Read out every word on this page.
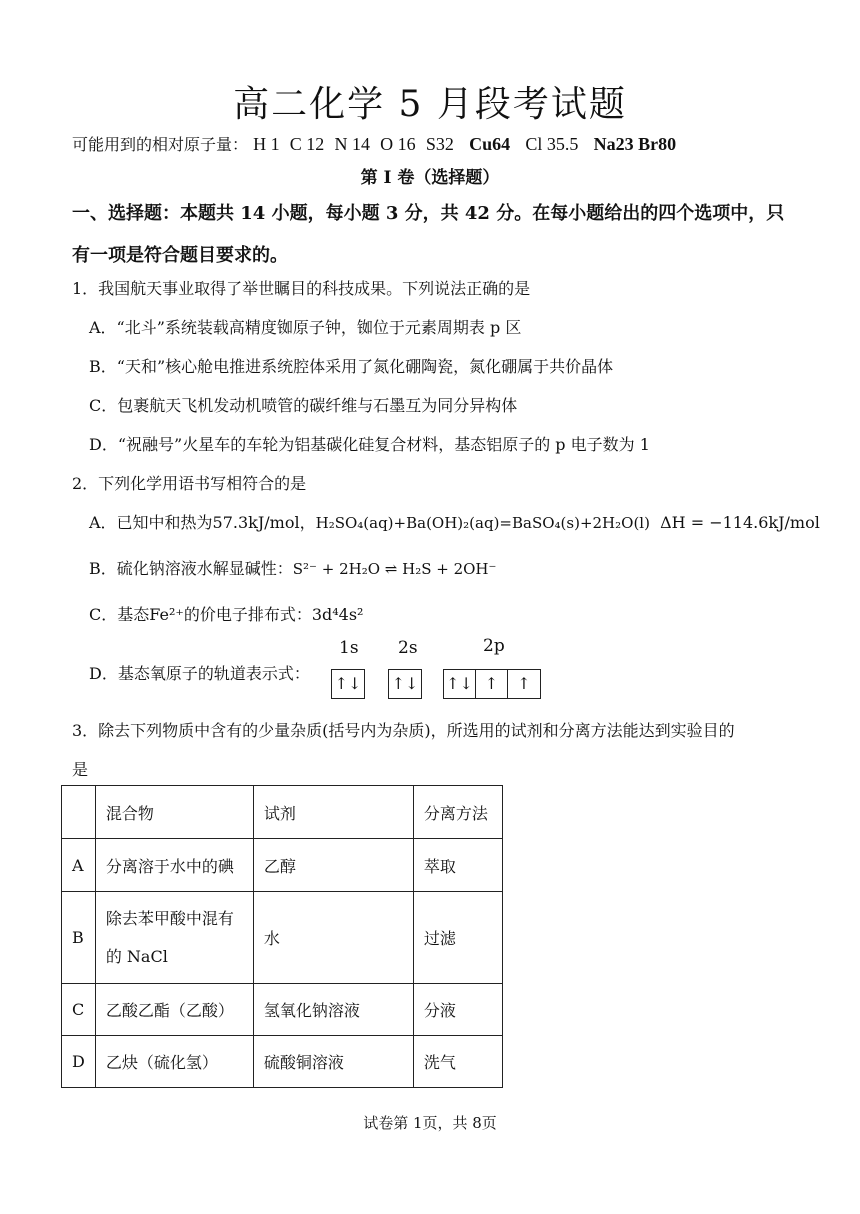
高二化学 5 月段考试题
可能用到的相对原子量： H 1 C 12 N 14 O 16 S32 Cu64 Cl 35.5 Na23 Br80
第 I 卷（选择题）
一、选择题：本题共 14 小题，每小题 3 分，共 42 分。在每小题给出的四个选项中，只有一项是符合题目要求的。
1．我国航天事业取得了举世瞩目的科技成果。下列说法正确的是
A．“北斗”系统装载高精度铷原子钟，铷位于元素周期表 p 区
B．“天和”核心舱电推进系统腔体采用了氮化硼陶瓷，氮化硼属于共价晶体
C．包裹航天飞机发动机喷管的碳纤维与石墨互为同分异构体
D．“祝融号”火星车的车轮为铝基碳化硅复合材料，基态铝原子的 p 电子数为 1
2．下列化学用语书写相符合的是
A．已知中和热为57.3kJ/mol，H₂SO₄(aq)+Ba(OH)₂(aq)=BaSO₄(s)+2H₂O(l) ΔH = −114.6kJ/mol
B．硫化钠溶液水解显碱性：S²⁻ + 2H₂O ⇌ H₂S + 2OH⁻
C．基态Fe²⁺的价电子排布式：3d⁴4s²
D．基态氧原子的轨道表示式：
1s 2s	2p
↑↓ ↑↓ ↑↓ ↑	↑
3．除去下列物质中含有的少量杂质(括号内为杂质)，所选用的试剂和分离方法能达到实验目的
是
	混合物	试剂	分离方法
A	分离溶于水中的碘	乙醇	萃取
B	除去苯甲酸中混有的 NaCl	水	过滤
C	乙酸乙酯（乙酸）	氢氧化钠溶液	分液
D	乙炔（硫化氢）	硫酸铜溶液	洗气
试卷第 1页，共 8页
